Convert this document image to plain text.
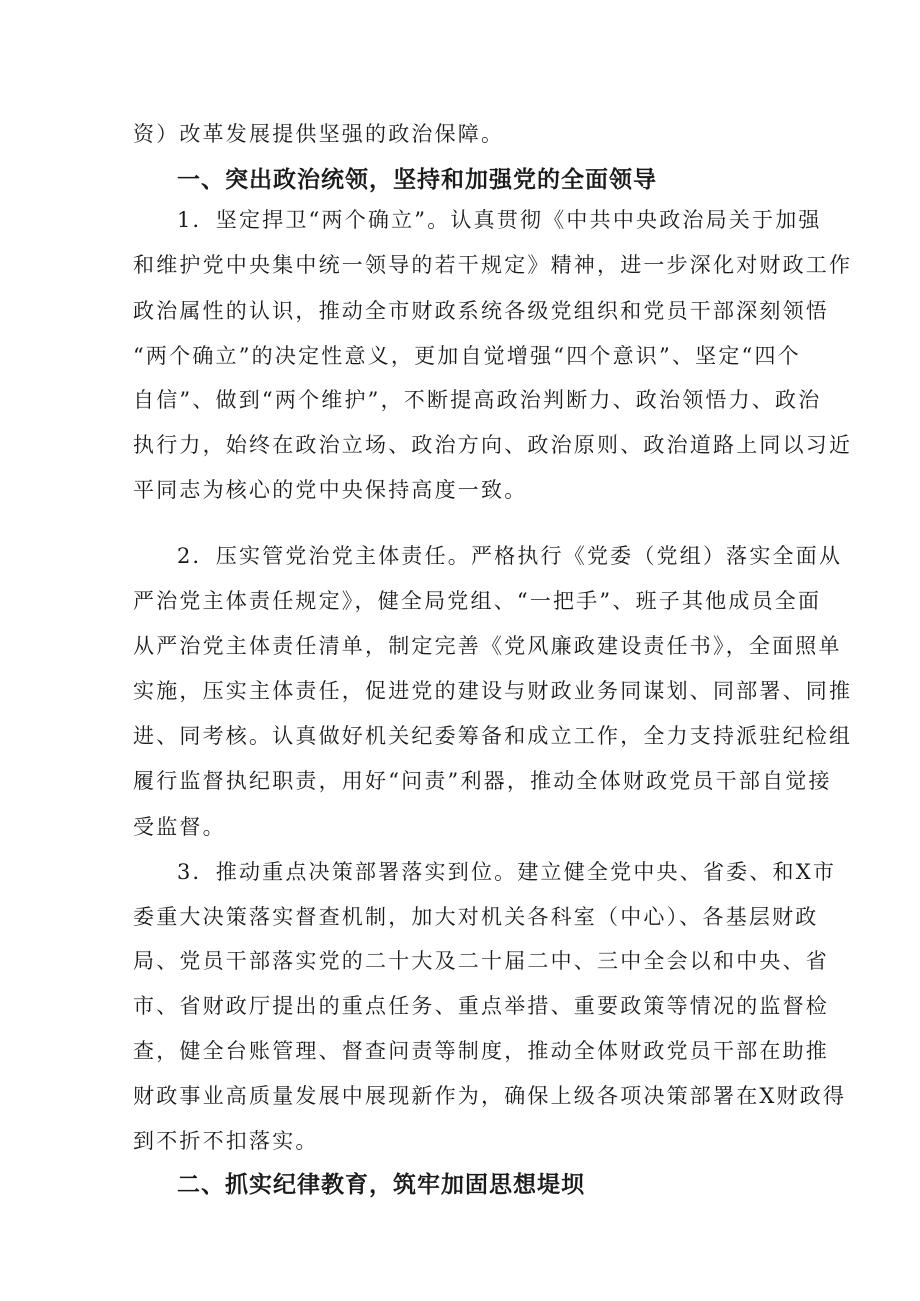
资）改革发展提供坚强的政治保障。
一、突出政治统领，坚持和加强党的全面领导
1．坚定捍卫“两个确立”。认真贯彻《中共中央政治局关于加强
和维护党中央集中统一领导的若干规定》精神，进一步深化对财政工作
政治属性的认识，推动全市财政系统各级党组织和党员干部深刻领悟
“两个确立”的决定性意义，更加自觉增强“四个意识”、坚定“四个
自信”、做到“两个维护”，不断提高政治判断力、政治领悟力、政治
执行力，始终在政治立场、政治方向、政治原则、政治道路上同以习近
平同志为核心的党中央保持高度一致。
2．压实管党治党主体责任。严格执行《党委（党组）落实全面从
严治党主体责任规定》，健全局党组、“一把手”、班子其他成员全面
从严治党主体责任清单，制定完善《党风廉政建设责任书》，全面照单
实施，压实主体责任，促进党的建设与财政业务同谋划、同部署、同推
进、同考核。认真做好机关纪委筹备和成立工作，全力支持派驻纪检组
履行监督执纪职责，用好“问责”利器，推动全体财政党员干部自觉接
受监督。
3．推动重点决策部署落实到位。建立健全党中央、省委、和X市
委重大决策落实督查机制，加大对机关各科室（中心）、各基层财政
局、党员干部落实党的二十大及二十届二中、三中全会以和中央、省
市、省财政厅提出的重点任务、重点举措、重要政策等情况的监督检
查，健全台账管理、督查问责等制度，推动全体财政党员干部在助推
财政事业高质量发展中展现新作为，确保上级各项决策部署在X财政得
到不折不扣落实。
二、抓实纪律教育，筑牢加固思想堤坝
